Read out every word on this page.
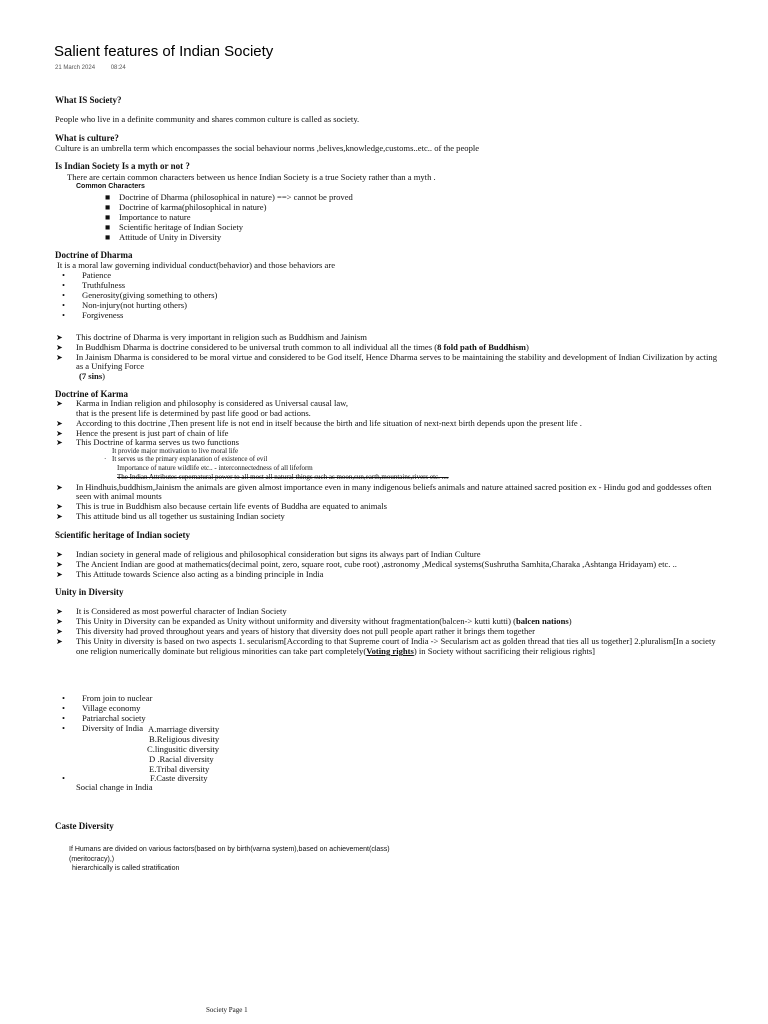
Salient features of Indian Society
21 March 2024	08:24
What IS Society?
People who live in a definite community and shares common culture is called as society.
What is culture?
Culture is an umbrella term which encompasses the social behaviour norms ,belives,knowledge,customs..etc.. of the people
Is Indian Society Is a myth or not ?
There are certain common characters between us hence Indian Society is a true Society rather than a myth .
Common Characters
■ Doctrine of Dharma (philosophical in nature) ==> cannot be proved
■ Doctrine of karma(philosophical in nature)
■ Importance to nature
■ Scientific heritage of Indian Society
■ Attitude of Unity in Diversity
Doctrine of Dharma
It is a moral law governing individual conduct(behavior) and those behaviors are
• Patience
• Truthfulness
• Generosity(giving something to others)
• Non-injury(not hurting others)
• Forgiveness
➤ This doctrine of Dharma is very important in religion such as Buddhism and Jainism
➤ In Buddhism Dharma is doctrine considered to be universal truth common to all individual all the times (8 fold path of Buddhism)
➤ In Jainism Dharma is considered to be moral virtue and considered to be God itself, Hence Dharma serves to be maintaining the stability and development of Indian Civilization by acting
as a Unifying Force
(7 sins)
Doctrine of Karma
➤ Karma in Indian religion and philosophy is considered as Universal causal law,
that is the present life is determined by past life good or bad actions.
➤ According to this doctrine ,Then present life is not end in itself because the birth and life situation of next-next birth depends upon the present life .
➤ Hence the present is just part of chain of life
➤ This Doctrine of karma serves us two functions
It provide major motivation to live moral life
· It serves us the primary explanation of existence of evil
Importance of nature wildlife etc.. - interconnectedness of all lifeform
The Indian Attributes supernatural power to all most all natural things such as moon,sun,earth,mountains,rivers etc. ....
➤ In Hindhuis,buddhism,Jainism the animals are given almost importance even in many indigenous beliefs animals and nature attained sacred position ex - Hindu god and goddesses often
seen with animal mounts
➤ This is true in Buddhism also because certain life events of Buddha are equated to animals
➤ This attitude bind us all together us sustaining Indian society
Scientific heritage of Indian society
➤ Indian society in general made of religious and philosophical consideration but signs its always part of Indian Culture
➤ The Ancient Indian are good at mathematics(decimal point, zero, square root, cube root) ,astronomy ,Medical systems(Sushrutha Samhita,Charaka ,Ashtanga Hridayam) etc. ..
➤ This Attitude towards Science also acting as a binding principle in India
Unity in Diversity
➤ It is Considered as most powerful character of Indian Society
➤ This Unity in Diversity can be expanded as Unity without uniformity and diversity without fragmentation(balcen-> kutti kutti) (balcen nations)
➤ This diversity had proved throughout years and years of history that diversity does not pull people apart rather it brings them together
➤ This Unity in diversity is based on two aspects 1. secularism[According to that Supreme court of India -> Secularism act as golden thread that ties all us together] 2.pluralism[In a society
one religion numerically dominate but religious minorities can take part completely(Voting rights) in Society without sacrificing their religious rights]
• From join to nuclear
• Village economy
• Patriarchal society
• Diversity of India A.marriage diversity
B.Religious divesity
C.lingusitic diversity
D .Racial diversity
E.Tribal diversity
•	F.Caste diversity
Social change in India
Caste Diversity
If Humans are divided on various factors(based on by birth(varna system),based on achievement(class)
(meritocracy),)
hierarchically is called stratification
Society Page 1
